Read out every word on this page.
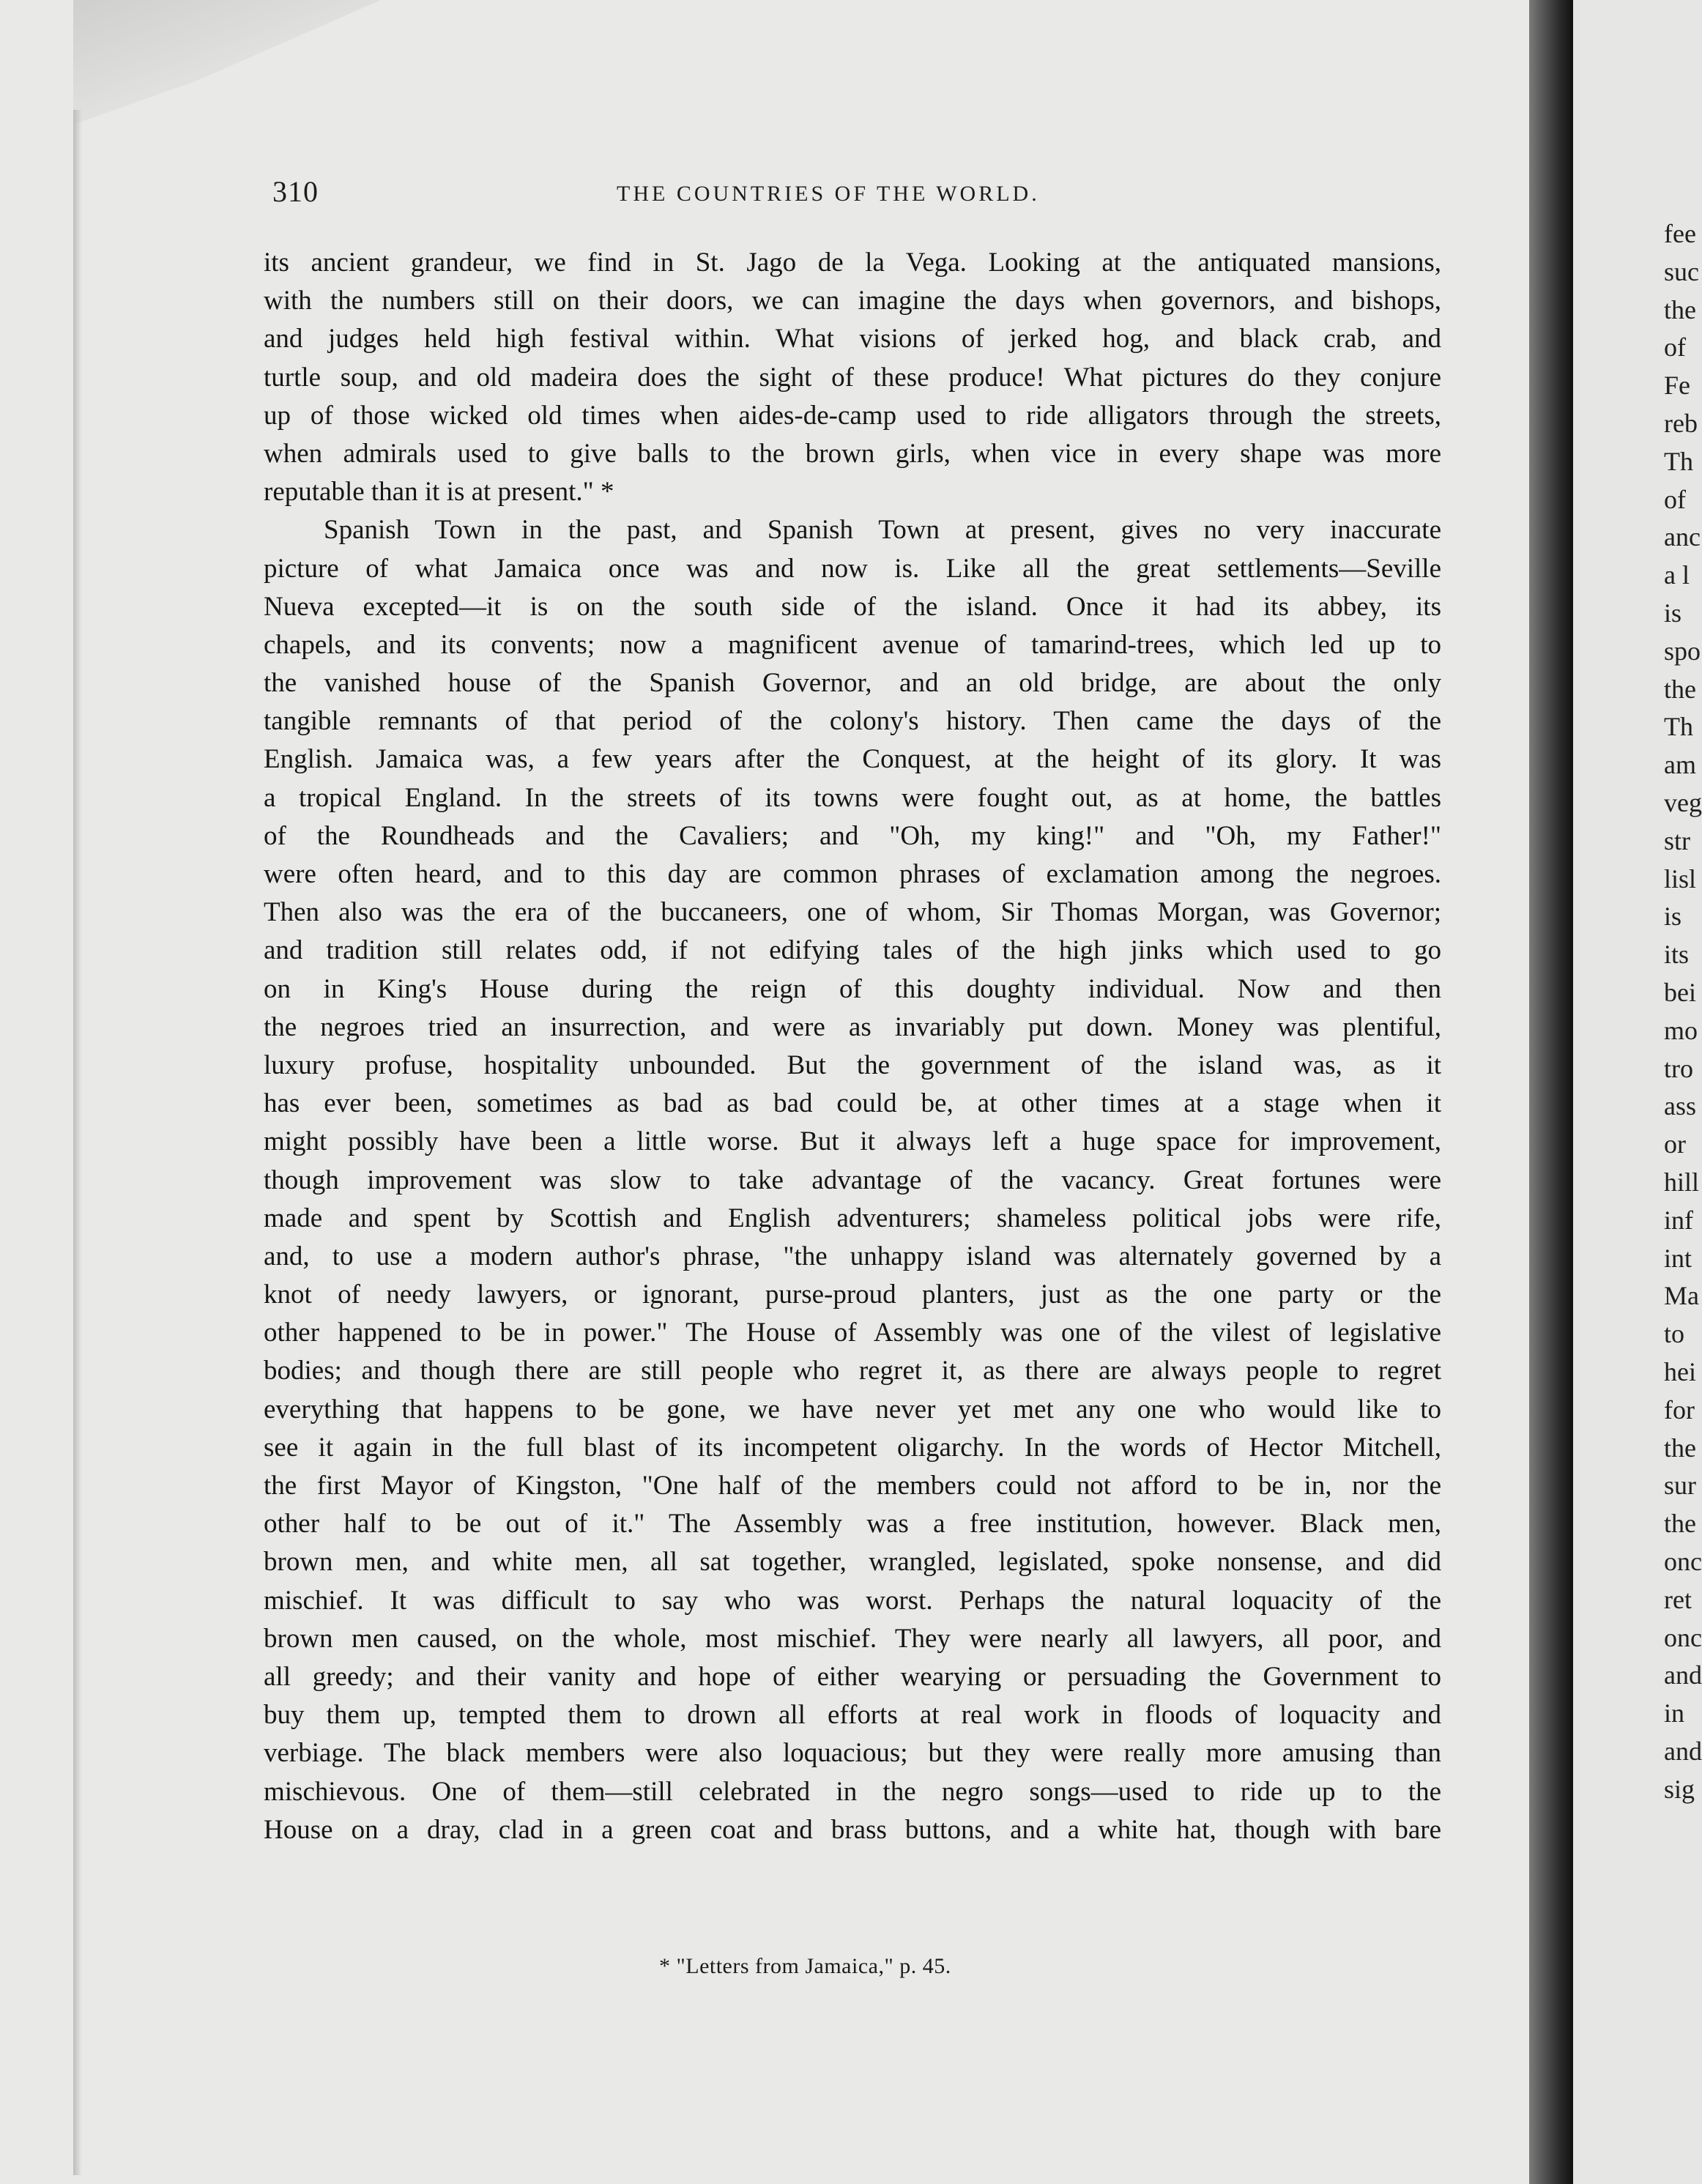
fee
suc
the
of
Fe
reb
Th
of
anc
a l
is
spo
the
Th
am
veg
str
lisl
is
its
bei
mo
tro
ass
or
hill
inf
int
Ma
to
hei
for
the
sur
the
onc
ret
onc
and
in
and
sig
310	THE COUNTRIES OF THE WORLD.
its ancient grandeur, we find in St. Jago de la Vega. Looking at the antiquated mansions,
with the numbers still on their doors, we can imagine the days when governors, and bishops,
and judges held high festival within. What visions of jerked hog, and black crab, and
turtle soup, and old madeira does the sight of these produce! What pictures do they conjure
up of those wicked old times when aides-de-camp used to ride alligators through the streets,
when admirals used to give balls to the brown girls, when vice in every shape was more
reputable than it is at present." *
Spanish Town in the past, and Spanish Town at present, gives no very inaccurate
picture of what Jamaica once was and now is. Like all the great settlements—Seville
Nueva excepted—it is on the south side of the island. Once it had its abbey, its
chapels, and its convents; now a magnificent avenue of tamarind-trees, which led up to
the vanished house of the Spanish Governor, and an old bridge, are about the only
tangible remnants of that period of the colony's history. Then came the days of the
English. Jamaica was, a few years after the Conquest, at the height of its glory. It was
a tropical England. In the streets of its towns were fought out, as at home, the battles
of the Roundheads and the Cavaliers; and "Oh, my king!" and "Oh, my Father!"
were often heard, and to this day are common phrases of exclamation among the negroes.
Then also was the era of the buccaneers, one of whom, Sir Thomas Morgan, was Governor;
and tradition still relates odd, if not edifying tales of the high jinks which used to go
on in King's House during the reign of this doughty individual. Now and then
the negroes tried an insurrection, and were as invariably put down. Money was plentiful,
luxury profuse, hospitality unbounded. But the government of the island was, as it
has ever been, sometimes as bad as bad could be, at other times at a stage when it
might possibly have been a little worse. But it always left a huge space for improvement,
though improvement was slow to take advantage of the vacancy. Great fortunes were
made and spent by Scottish and English adventurers; shameless political jobs were rife,
and, to use a modern author's phrase, "the unhappy island was alternately governed by a
knot of needy lawyers, or ignorant, purse-proud planters, just as the one party or the
other happened to be in power." The House of Assembly was one of the vilest of legislative
bodies; and though there are still people who regret it, as there are always people to regret
everything that happens to be gone, we have never yet met any one who would like to
see it again in the full blast of its incompetent oligarchy. In the words of Hector Mitchell,
the first Mayor of Kingston, "One half of the members could not afford to be in, nor the
other half to be out of it." The Assembly was a free institution, however. Black men,
brown men, and white men, all sat together, wrangled, legislated, spoke nonsense, and did
mischief. It was difficult to say who was worst. Perhaps the natural loquacity of the
brown men caused, on the whole, most mischief. They were nearly all lawyers, all poor, and
all greedy; and their vanity and hope of either wearying or persuading the Government to
buy them up, tempted them to drown all efforts at real work in floods of loquacity and
verbiage. The black members were also loquacious; but they were really more amusing than
mischievous. One of them—still celebrated in the negro songs—used to ride up to the
House on a dray, clad in a green coat and brass buttons, and a white hat, though with bare
* "Letters from Jamaica," p. 45.
